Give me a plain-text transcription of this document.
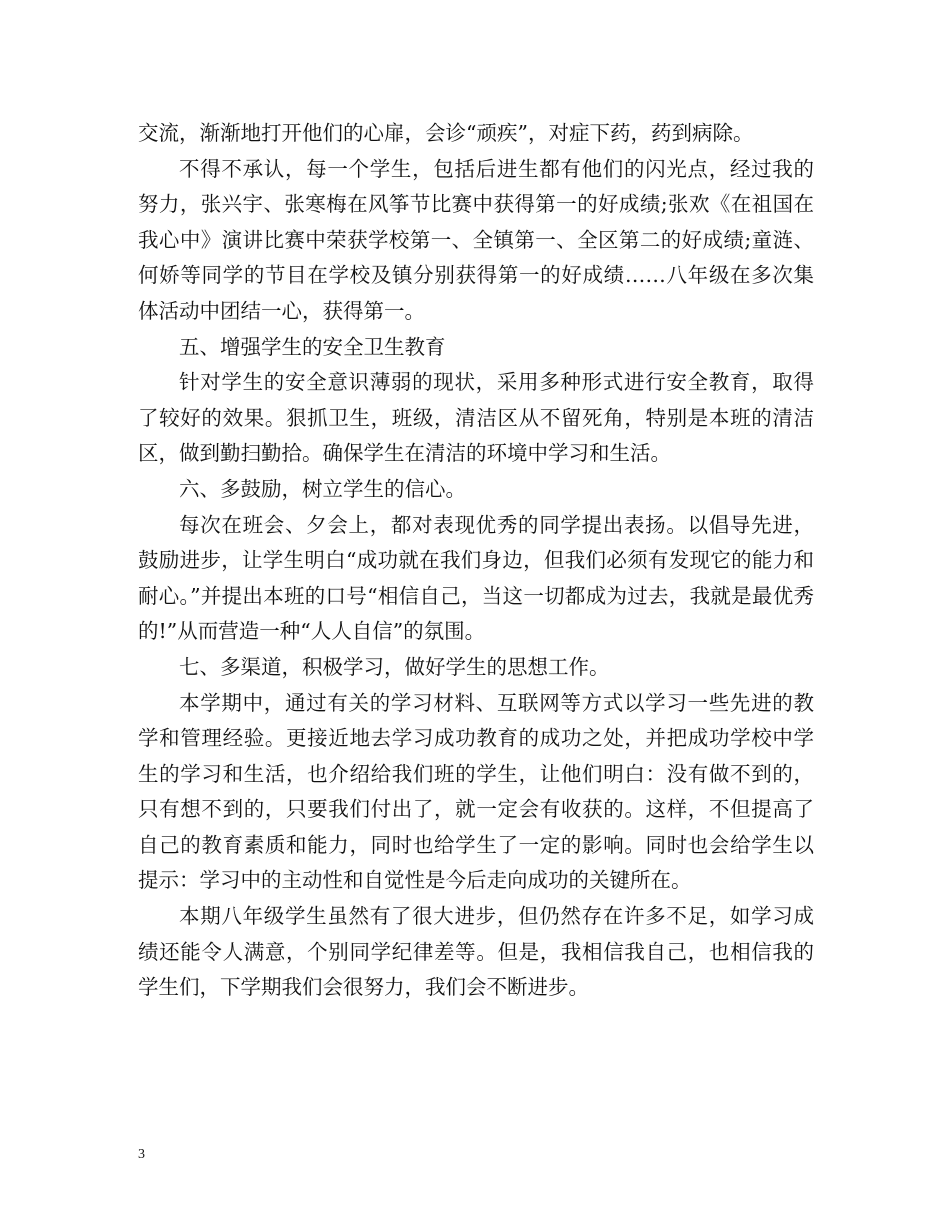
交流，渐渐地打开他们的心扉，会诊“顽疾”，对症下药，药到病除。

不得不承认，每一个学生，包括后进生都有他们的闪光点，经过我的努力，张兴宇、张寒梅在风筝节比赛中获得第一的好成绩;张欢《在祖国在我心中》演讲比赛中荣获学校第一、全镇第一、全区第二的好成绩;童涟、何娇等同学的节目在学校及镇分别获得第一的好成绩……八年级在多次集体活动中团结一心，获得第一。

五、增强学生的安全卫生教育

针对学生的安全意识薄弱的现状，采用多种形式进行安全教育，取得了较好的效果。狠抓卫生，班级，清洁区从不留死角，特别是本班的清洁区，做到勤扫勤拾。确保学生在清洁的环境中学习和生活。

六、多鼓励，树立学生的信心。

每次在班会、夕会上，都对表现优秀的同学提出表扬。以倡导先进，鼓励进步，让学生明白“成功就在我们身边，但我们必须有发现它的能力和耐心。”并提出本班的口号“相信自己，当这一切都成为过去，我就是最优秀的!”从而营造一种“人人自信”的氛围。

七、多渠道，积极学习，做好学生的思想工作。

本学期中，通过有关的学习材料、互联网等方式以学习一些先进的教学和管理经验。更接近地去学习成功教育的成功之处，并把成功学校中学生的学习和生活，也介绍给我们班的学生，让他们明白：没有做不到的，只有想不到的，只要我们付出了，就一定会有收获的。这样，不但提高了自己的教育素质和能力，同时也给学生了一定的影响。同时也会给学生以提示：学习中的主动性和自觉性是今后走向成功的关键所在。

本期八年级学生虽然有了很大进步，但仍然存在许多不足，如学习成绩还能令人满意，个别同学纪律差等。但是，我相信我自己，也相信我的学生们，下学期我们会很努力，我们会不断进步。

3
